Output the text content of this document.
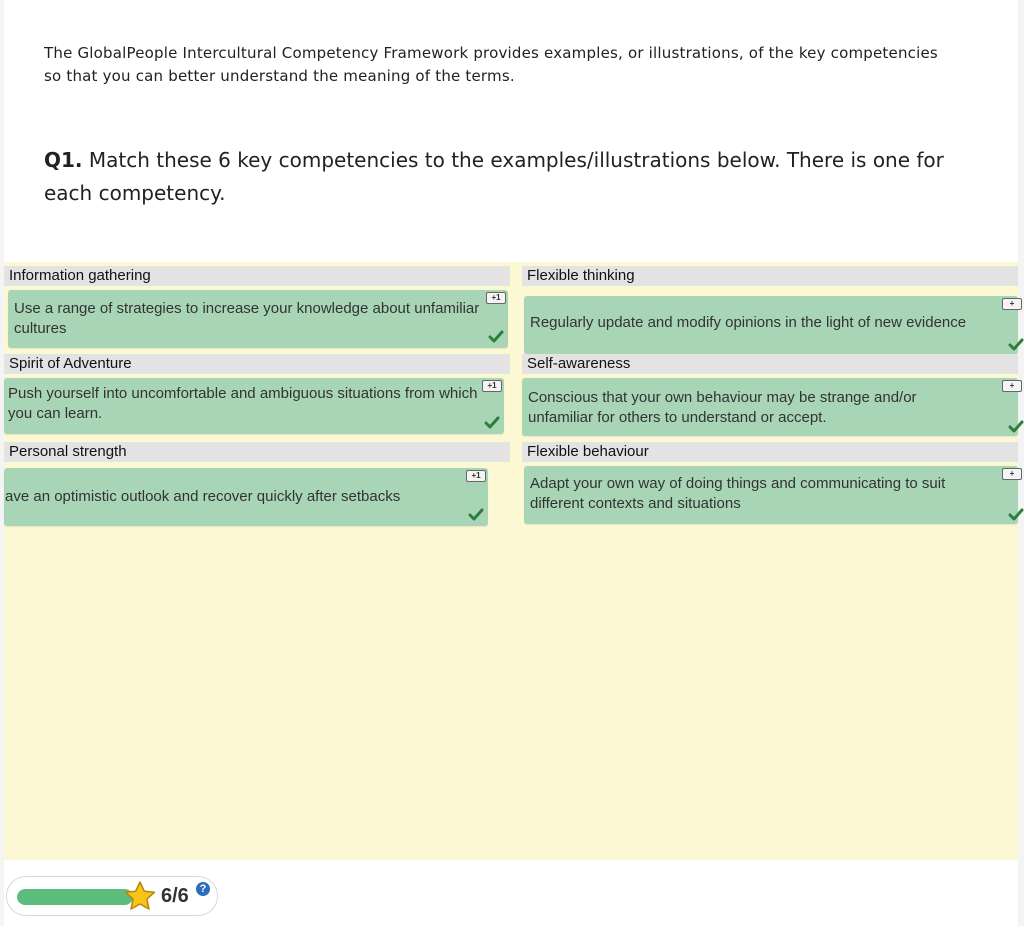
The GlobalPeople Intercultural Competency Framework provides examples, or illustrations, of the key competencies so that you can better understand the meaning of the terms.
Q1. Match these 6 key competencies to the examples/illustrations below. There is one for each competency.
Information gathering
Use a range of strategies to increase your knowledge about unfamiliar cultures
+1
Flexible thinking
Regularly update and modify opinions in the light of new evidence
+
Spirit of Adventure
Push yourself into uncomfortable and ambiguous situations from which you can learn.
+1
Self-awareness
Conscious that your own behaviour may be strange and/or unfamiliar for others to understand or accept.
+
Personal strength
ave an optimistic outlook and recover quickly after setbacks
+1
Flexible behaviour
Adapt your own way of doing things and communicating to suit different contexts and situations
+
6/6 ?
